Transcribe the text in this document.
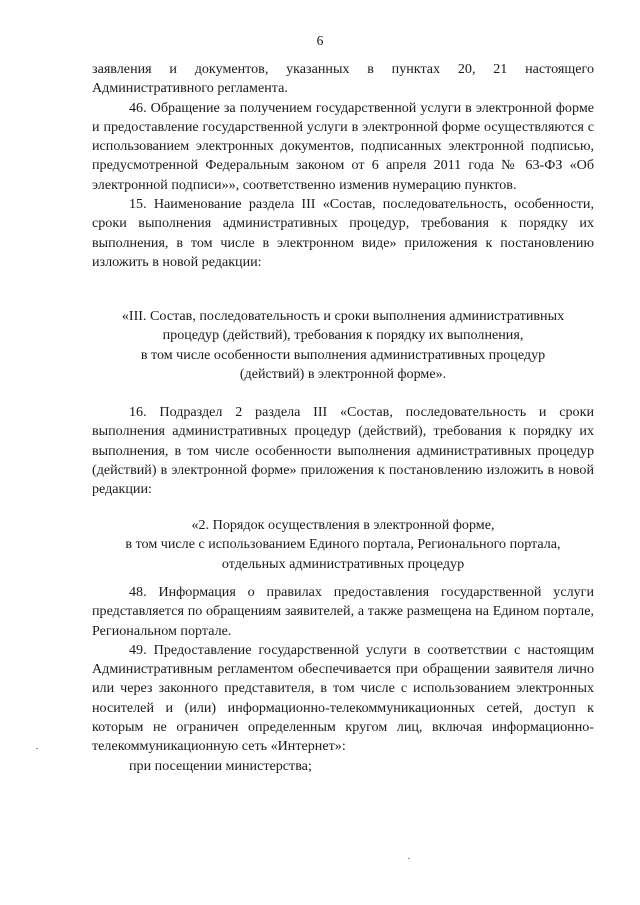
6

заявления и документов, указанных в пунктах 20, 21 настоящего Административного регламента.

46. Обращение за получением государственной услуги в электронной форме и предоставление государственной услуги в электронной форме осуществляются с использованием электронных документов, подписанных электронной подписью, предусмотренной Федеральным законом от 6 апреля 2011 года № 63-ФЗ «Об электронной подписи»», соответственно изменив нумерацию пунктов.

15. Наименование раздела III «Состав, последовательность, особенности, сроки выполнения административных процедур, требования к порядку их выполнения, в том числе в электронном виде» приложения к постановлению изложить в новой редакции:

«III. Состав, последовательность и сроки выполнения административных
процедур (действий), требования к порядку их выполнения,
в том числе особенности выполнения административных процедур
(действий) в электронной форме».

16. Подраздел 2 раздела III «Состав, последовательность и сроки выполнения административных процедур (действий), требования к порядку их выполнения, в том числе особенности выполнения административных процедур (действий) в электронной форме» приложения к постановлению изложить в новой редакции:

«2. Порядок осуществления в электронной форме,
в том числе с использованием Единого портала, Регионального портала,
отдельных административных процедур

48. Информация о правилах предоставления государственной услуги представляется по обращениям заявителей, а также размещена на Едином портале, Региональном портале.

49. Предоставление государственной услуги в соответствии с настоящим Административным регламентом обеспечивается при обращении заявителя лично или через законного представителя, в том числе с использованием электронных носителей и (или) информационно-телекоммуникационных сетей, доступ к которым не ограничен определенным кругом лиц, включая информационно-телекоммуникационную сеть «Интернет»:

при посещении министерства;
